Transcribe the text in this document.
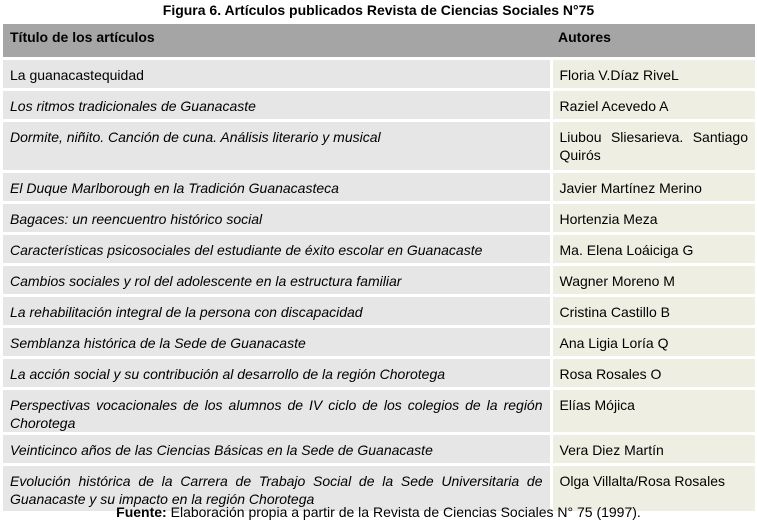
Figura 6. Artículos publicados Revista de Ciencias Sociales N°75
Título de los artículos	Autores
La guanacastequidad	Floria V.Díaz RiveL
Los ritmos tradicionales de Guanacaste	Raziel Acevedo A
Dormite, niñito. Canción de cuna. Análisis literario y musical	Liubou Sliesarieva. Santiago Quirós
El Duque Marlborough en la Tradición Guanacasteca	Javier Martínez Merino
Bagaces: un reencuentro histórico social	Hortenzia Meza
Características psicosociales del estudiante de éxito escolar en Guanacaste	Ma. Elena Loáiciga G
Cambios sociales y rol del adolescente en la estructura familiar	Wagner Moreno M
La rehabilitación integral de la persona con discapacidad	Cristina Castillo B
Semblanza histórica de la Sede de Guanacaste	Ana Ligia Loría Q
La acción social y su contribución al desarrollo de la región Chorotega	Rosa Rosales O
Perspectivas vocacionales de los alumnos de IV ciclo de los colegios de la región Chorotega	Elías Mójica
Veinticinco años de las Ciencias Básicas en la Sede de Guanacaste	Vera Diez Martín
Evolución histórica de la Carrera de Trabajo Social de la Sede Universitaria de Guanacaste y su impacto en la región Chorotega	Olga Villalta/Rosa Rosales
Fuente: Elaboración propia a partir de la Revista de Ciencias Sociales N° 75 (1997).
